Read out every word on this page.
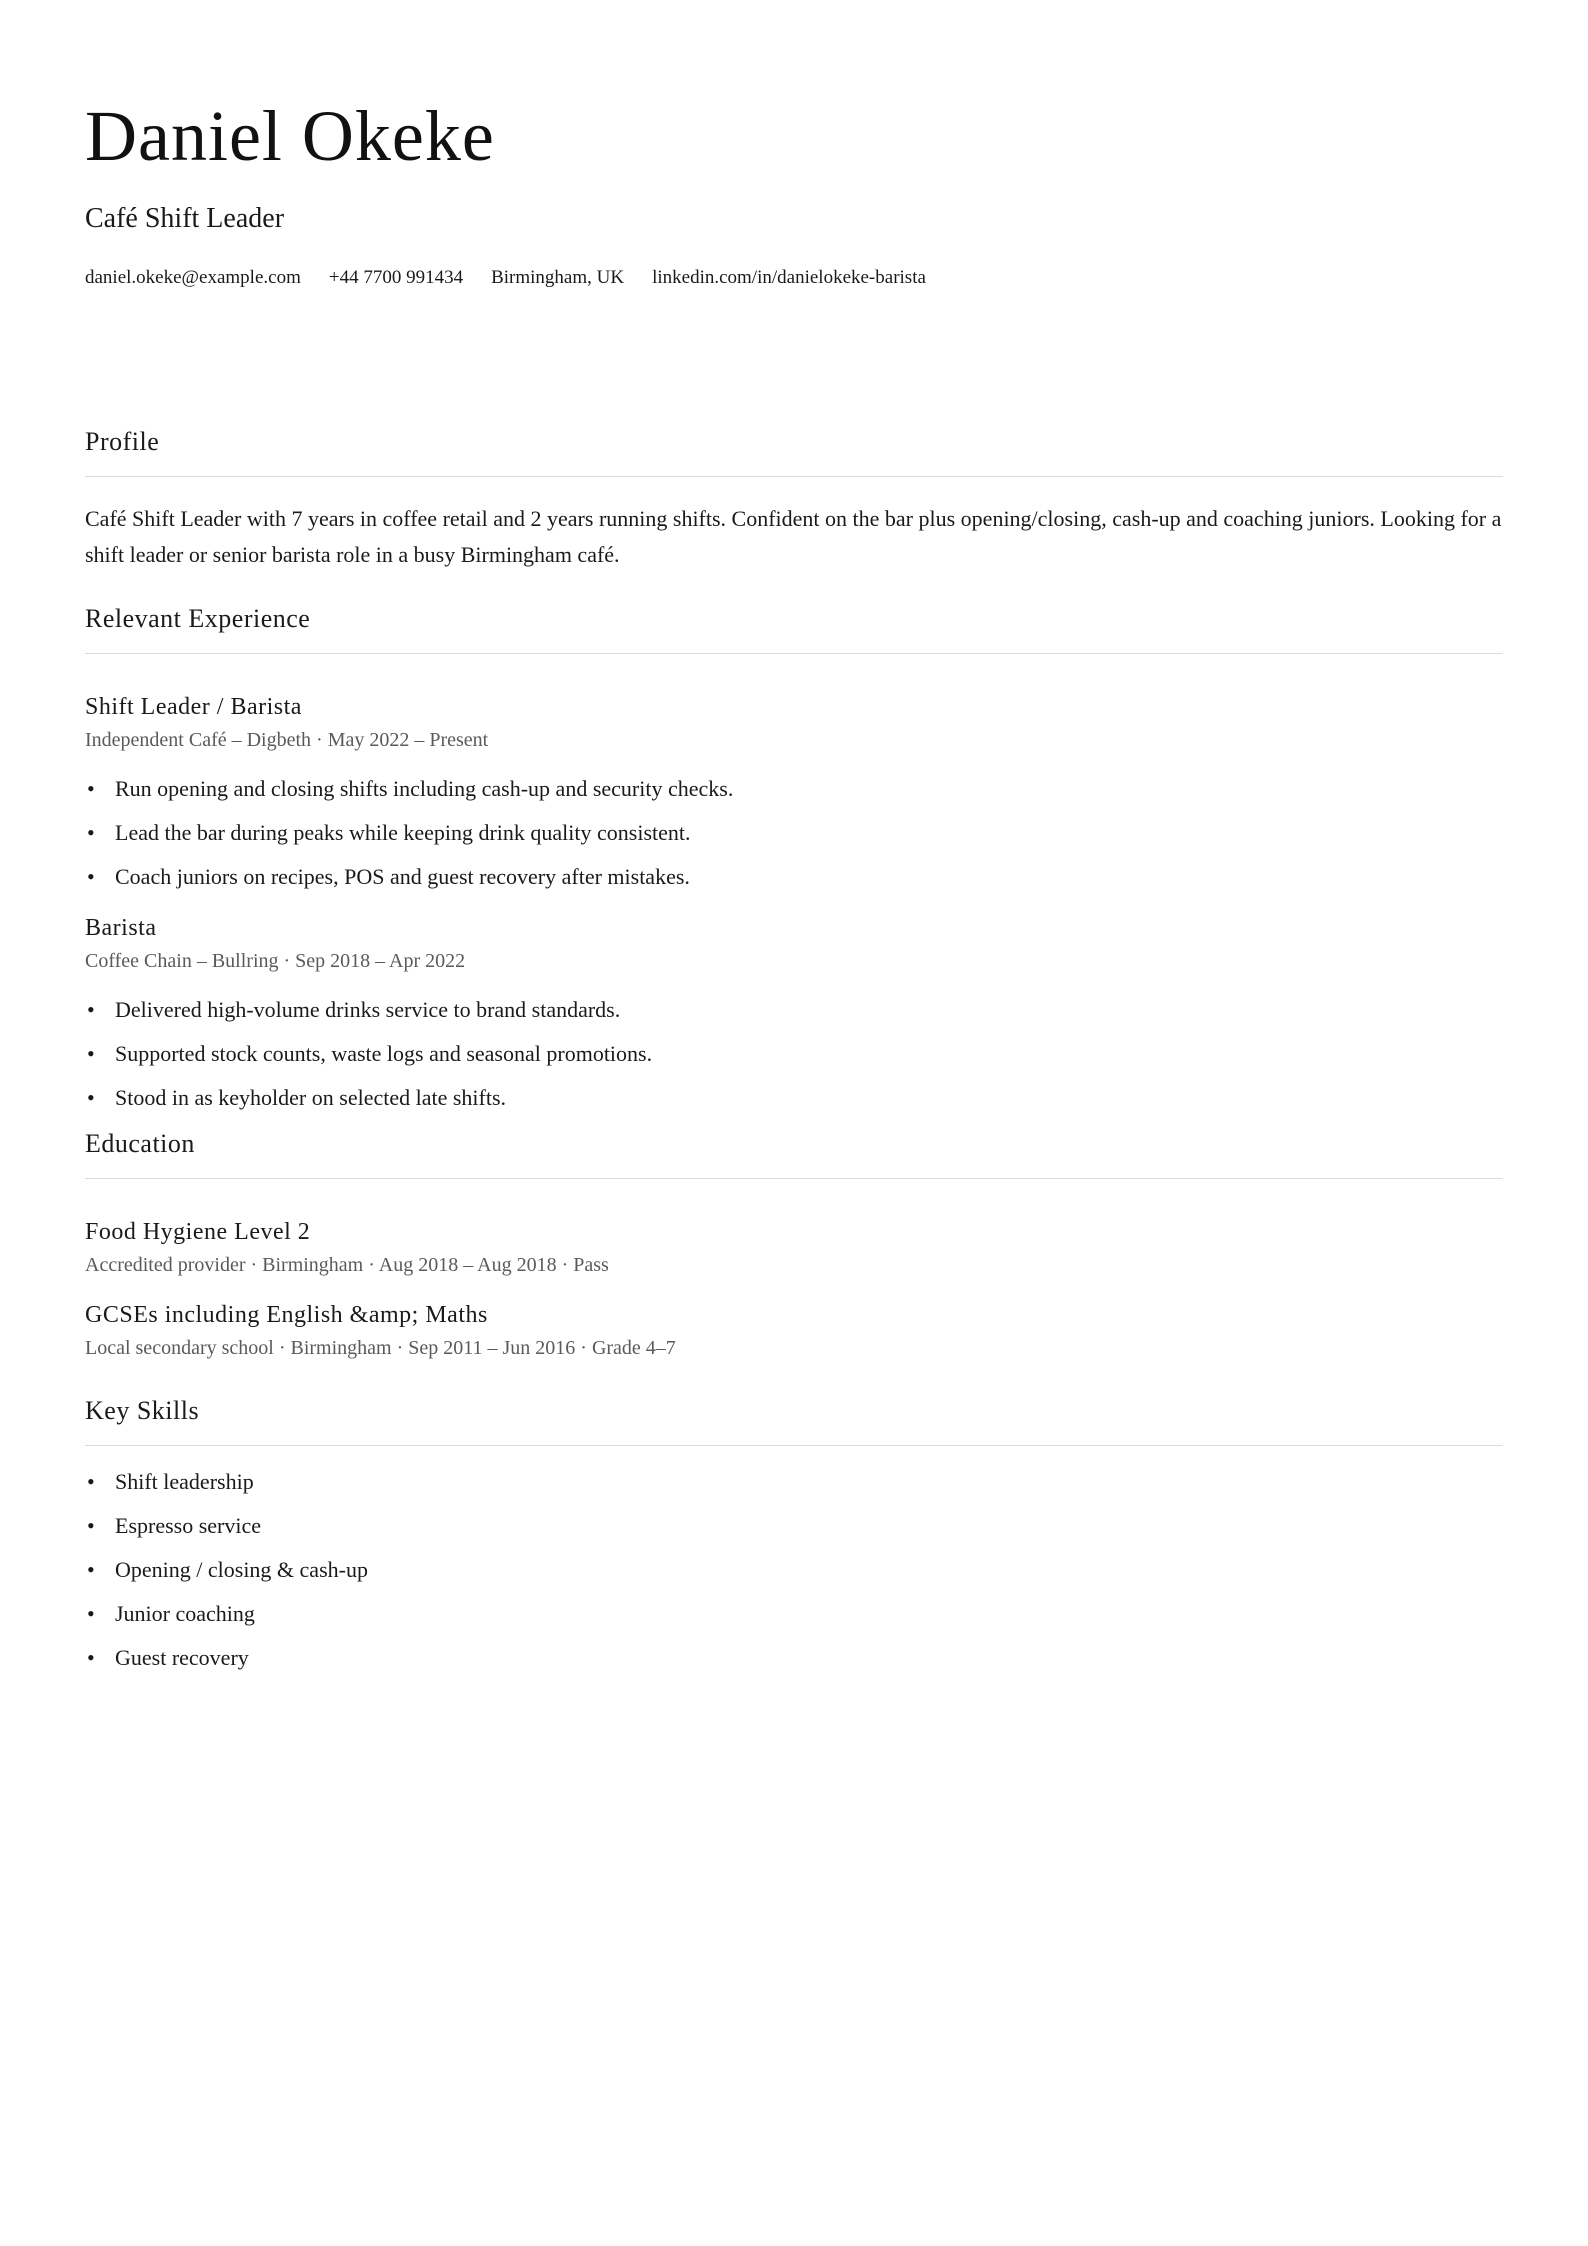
Daniel Okeke
Café Shift Leader
daniel.okeke@example.com +44 7700 991434 Birmingham, UK linkedin.com/in/danielokeke-barista
Profile
Café Shift Leader with 7 years in coffee retail and 2 years running shifts. Confident on the bar plus opening/closing, cash-up and coaching juniors. Looking for a shift leader or senior barista role in a busy Birmingham café.
Relevant Experience
Shift Leader / Barista
Independent Café – Digbeth · May 2022 – Present
• Run opening and closing shifts including cash-up and security checks.
• Lead the bar during peaks while keeping drink quality consistent.
• Coach juniors on recipes, POS and guest recovery after mistakes.
Barista
Coffee Chain – Bullring · Sep 2018 – Apr 2022
• Delivered high-volume drinks service to brand standards.
• Supported stock counts, waste logs and seasonal promotions.
• Stood in as keyholder on selected late shifts.
Education
Food Hygiene Level 2
Accredited provider · Birmingham · Aug 2018 – Aug 2018 · Pass
GCSEs including English &amp; Maths
Local secondary school · Birmingham · Sep 2011 – Jun 2016 · Grade 4–7
Key Skills
• Shift leadership
• Espresso service
• Opening / closing & cash-up
• Junior coaching
• Guest recovery
